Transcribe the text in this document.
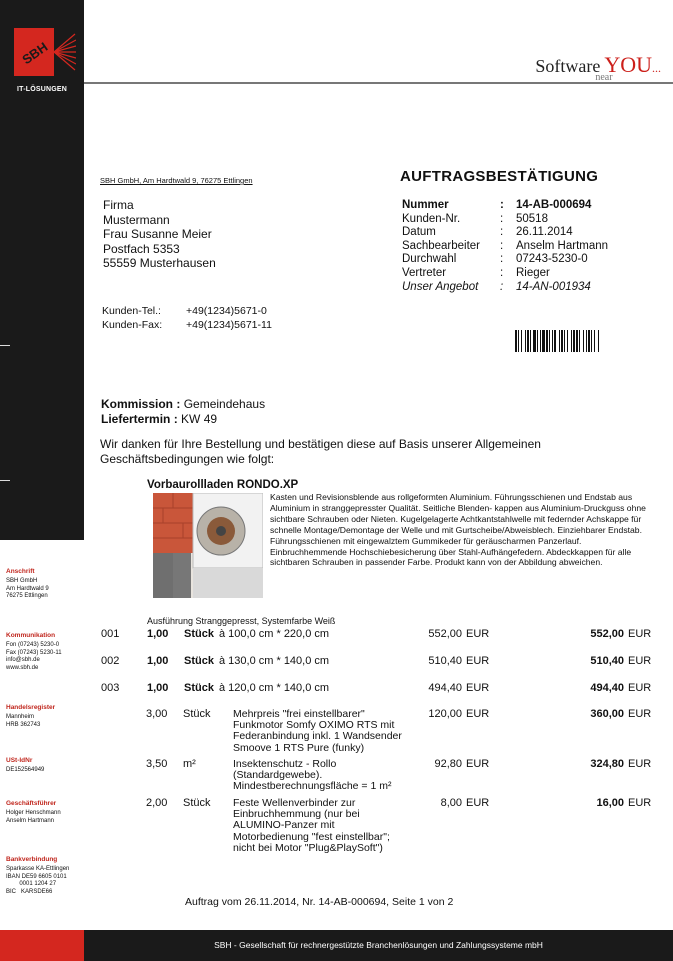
SBH
IT-LÖSUNGEN
Anschrift
SBH GmbH
Am Hardtwald 9
76275 Ettlingen
Kommunikation
Fon (07243) 5230-0
Fax (07243) 5230-11
info@sbh.de
www.sbh.de
Handelsregister
Mannheim
HRB 362743
USt-IdNr
DE152564949
Geschäftsführer
Holger Henschmann
Anselm Hartmann
Bankverbindung
Sparkasse KA-Ettlingen
IBAN DE59 6605 0101
0001 1204 27
BIC   KARSDE66
Software
near
YOU...
SBH GmbH, Am Hardtwald 9, 76275 Ettlingen
Firma
Mustermann
Frau Susanne Meier
Postfach 5353
55559 Musterhausen
AUFTRAGSBESTÄTIGUNG
Nummer	:	14-AB-000694
Kunden-Nr.	:	50518
Datum	:	26.11.2014
Sachbearbeiter	:	Anselm Hartmann
Durchwahl	:	07243-5230-0
Vertreter	:	Rieger
Unser Angebot	:	14-AN-001934
Kunden-Tel.:	+49(1234)5671-0
Kunden-Fax:	+49(1234)5671-11
Kommission : Gemeindehaus
Liefertermin : KW 49
Wir danken für Ihre Bestellung und bestätigen diese auf Basis unserer Allgemeinen Geschäftsbedingungen wie folgt:
Vorbaurollladen RONDO.XP
Kasten und Revisionsblende aus rollgeformten Aluminium. Führungsschienen und Endstab aus Aluminium in stranggepresster Qualität. Seitliche Blenden- kappen aus Aluminium-Druckguss ohne sichtbare Schrauben oder Nieten. Kugelgelagerte Achtkantstahlwelle mit federnder Achskappe für schnelle Montage/Demontage der Welle und mit Gurtscheibe/Abweisblech. Einziehbarer Endstab. Führungsschienen mit eingewalztem Gummikeder für geräuscharmen Panzerlauf. Einbruchhemmende Hochschiebesicherung über Stahl-Aufhängefedern. Abdeckkappen für alle sichtbaren Schrauben in passender Farbe. Produkt kann von der Abbildung abweichen.
Ausführung Stranggepresst, Systemfarbe Weiß
001	1,00 Stück à 100,0 cm * 220,0 cm	552,00 EUR	552,00 EUR
002	1,00 Stück à 130,0 cm * 140,0 cm	510,40 EUR	510,40 EUR
003	1,00 Stück à 120,0 cm * 140,0 cm	494,40 EUR	494,40 EUR
3,00 Stück Mehrpreis "frei einstellbarer"
Funkmotor Somfy OXIMO RTS mit
Federanbindung inkl. 1 Wandsender
Smoove 1 RTS Pure (funky)
120,00 EUR	360,00 EUR
3,50 m²	Insektenschutz - Rollo
(Standardgewebe).
Mindestberechnungsfläche = 1 m²
92,80 EUR	324,80 EUR
2,00 Stück Feste Wellenverbinder zur
Einbruchhemmung (nur bei
ALUMINO-Panzer mit
Motorbedienung "fest einstellbar";
nicht bei Motor "Plug&PlaySoft")
8,00 EUR	16,00 EUR
Auftrag vom 26.11.2014, Nr. 14-AB-000694, Seite 1 von 2
SBH - Gesellschaft für rechnergestützte Branchenlösungen und Zahlungssysteme mbH
